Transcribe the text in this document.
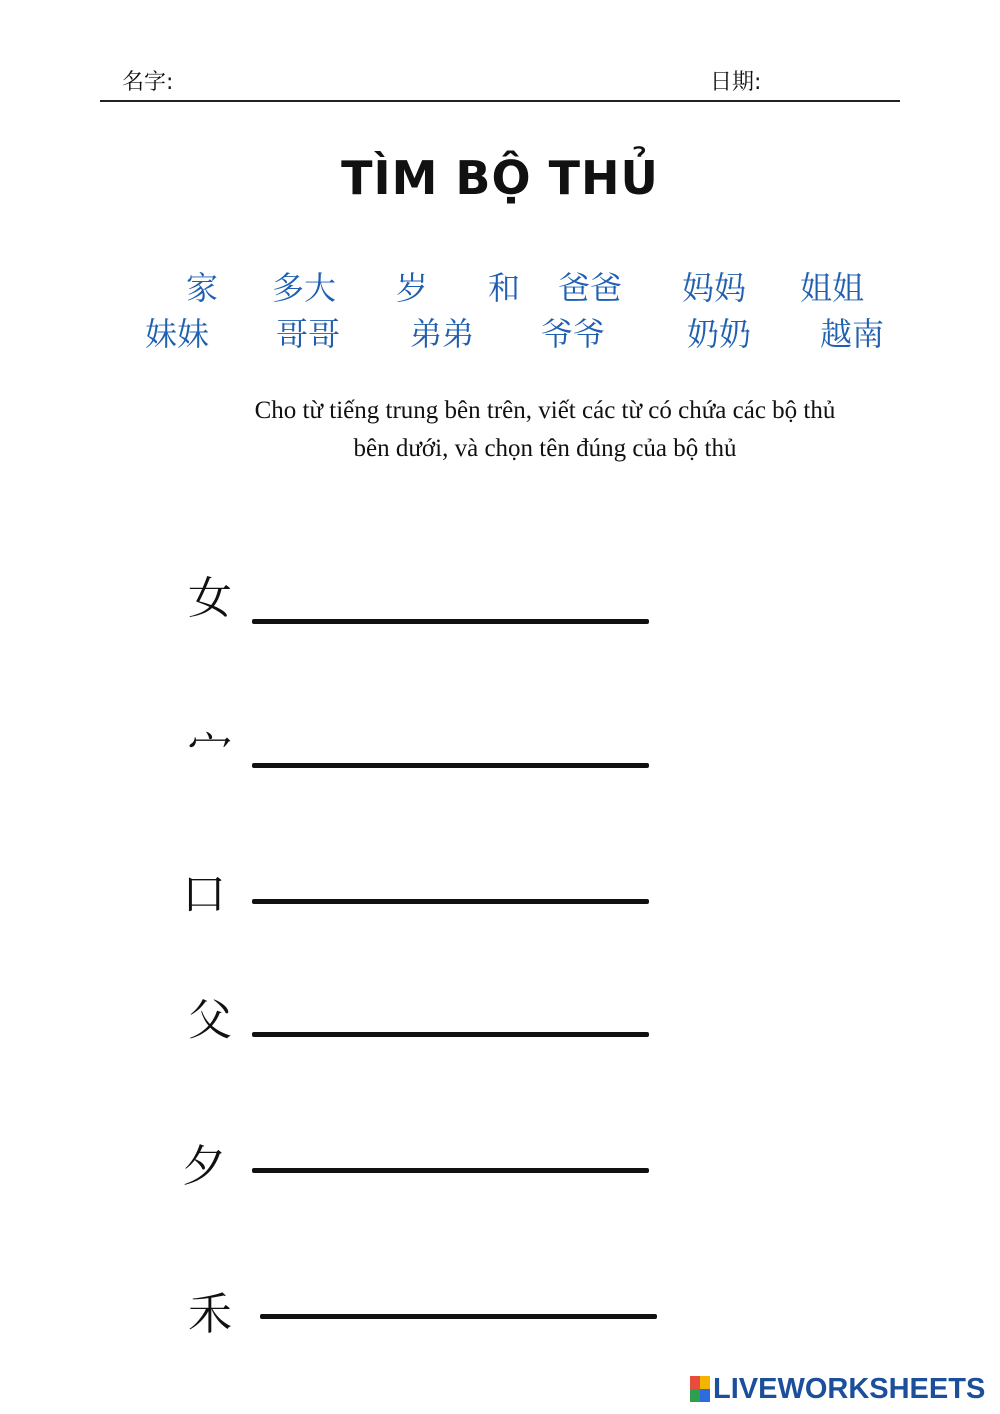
名字:	日期:
TÌM BỘ THỦ
家 多大 岁 和 爸爸 妈妈 姐姐
妹妹 哥哥 弟弟 爷爷	奶奶 越南
Cho từ tiếng trung bên trên, viết các từ có chứa các bộ thủ
bên dưới, và chọn tên đúng của bộ thủ
女
宀
口
父
夕
禾
LIVEWORKSHEETS
